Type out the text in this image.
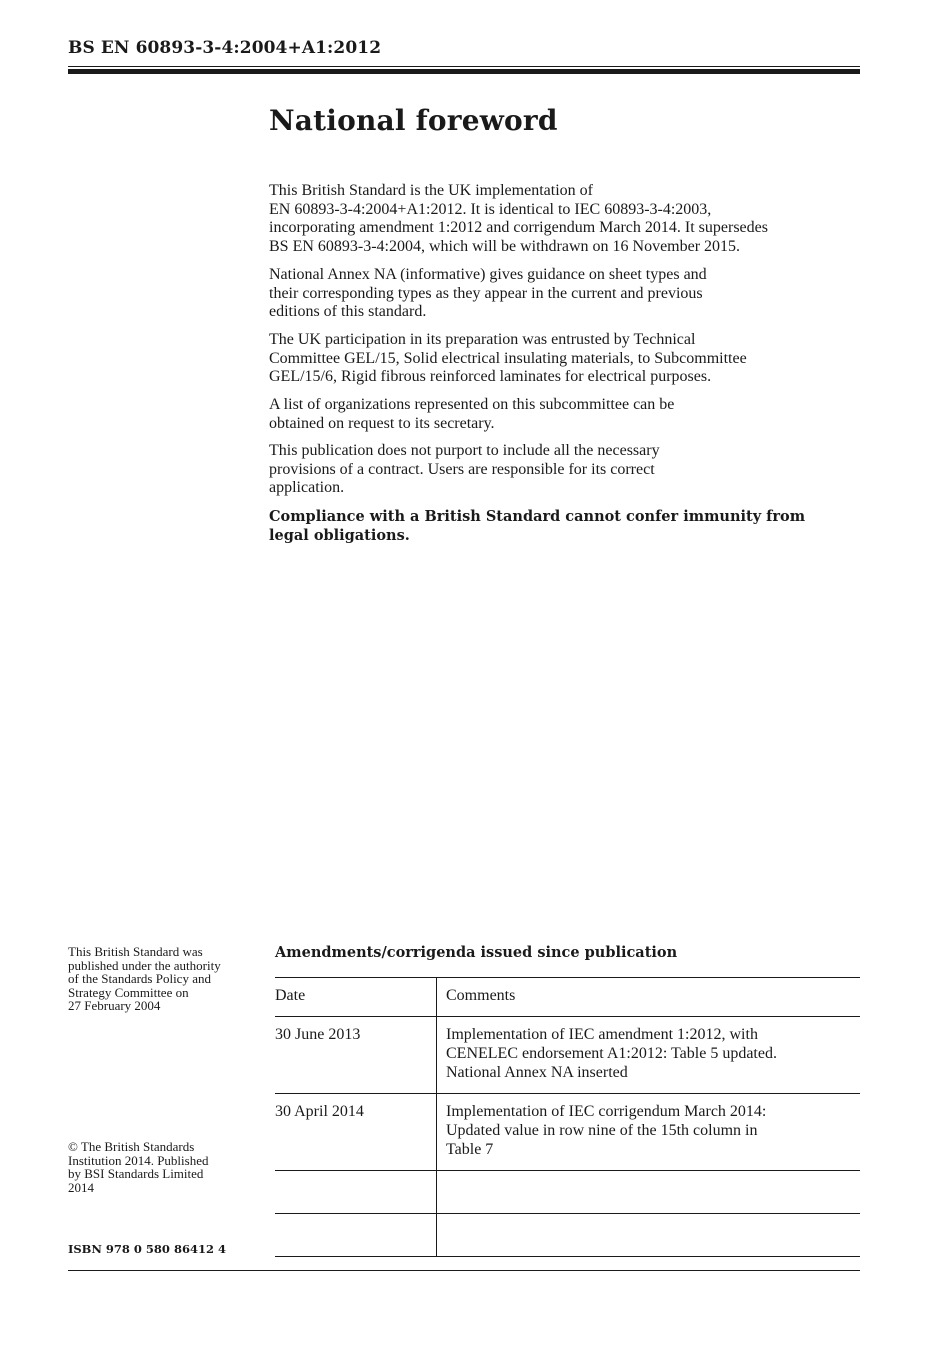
BS EN 60893-3-4:2004+A1:2012
National foreword
This British Standard is the UK implementation of
EN 60893-3-4:2004+A1:2012. It is identical to IEC 60893-3-4:2003,
incorporating amendment 1:2012 and corrigendum March 2014. It supersedes
BS EN 60893-3-4:2004, which will be withdrawn on 16 November 2015.
National Annex NA (informative) gives guidance on sheet types and
their corresponding types as they appear in the current and previous
editions of this standard.
The UK participation in its preparation was entrusted by Technical
Committee GEL/15, Solid electrical insulating materials, to Subcommittee
GEL/15/6, Rigid fibrous reinforced laminates for electrical purposes.
A list of organizations represented on this subcommittee can be
obtained on request to its secretary.
This publication does not purport to include all the necessary
provisions of a contract. Users are responsible for its correct
application.
Compliance with a British Standard cannot confer immunity from
legal obligations.
This British Standard was
published under the authority
of the Standards Policy and
Strategy Committee on
27 February 2004
© The British Standards
Institution 2014. Published
by BSI Standards Limited
2014
ISBN 978 0 580 86412 4
Amendments/corrigenda issued since publication
Date	Comments
30 June 2013	Implementation of IEC amendment 1:2012, with
CENELEC endorsement A1:2012: Table 5 updated.
National Annex NA inserted
30 April 2014	Implementation of IEC corrigendum March 2014:
Updated value in row nine of the 15th column in
Table 7
